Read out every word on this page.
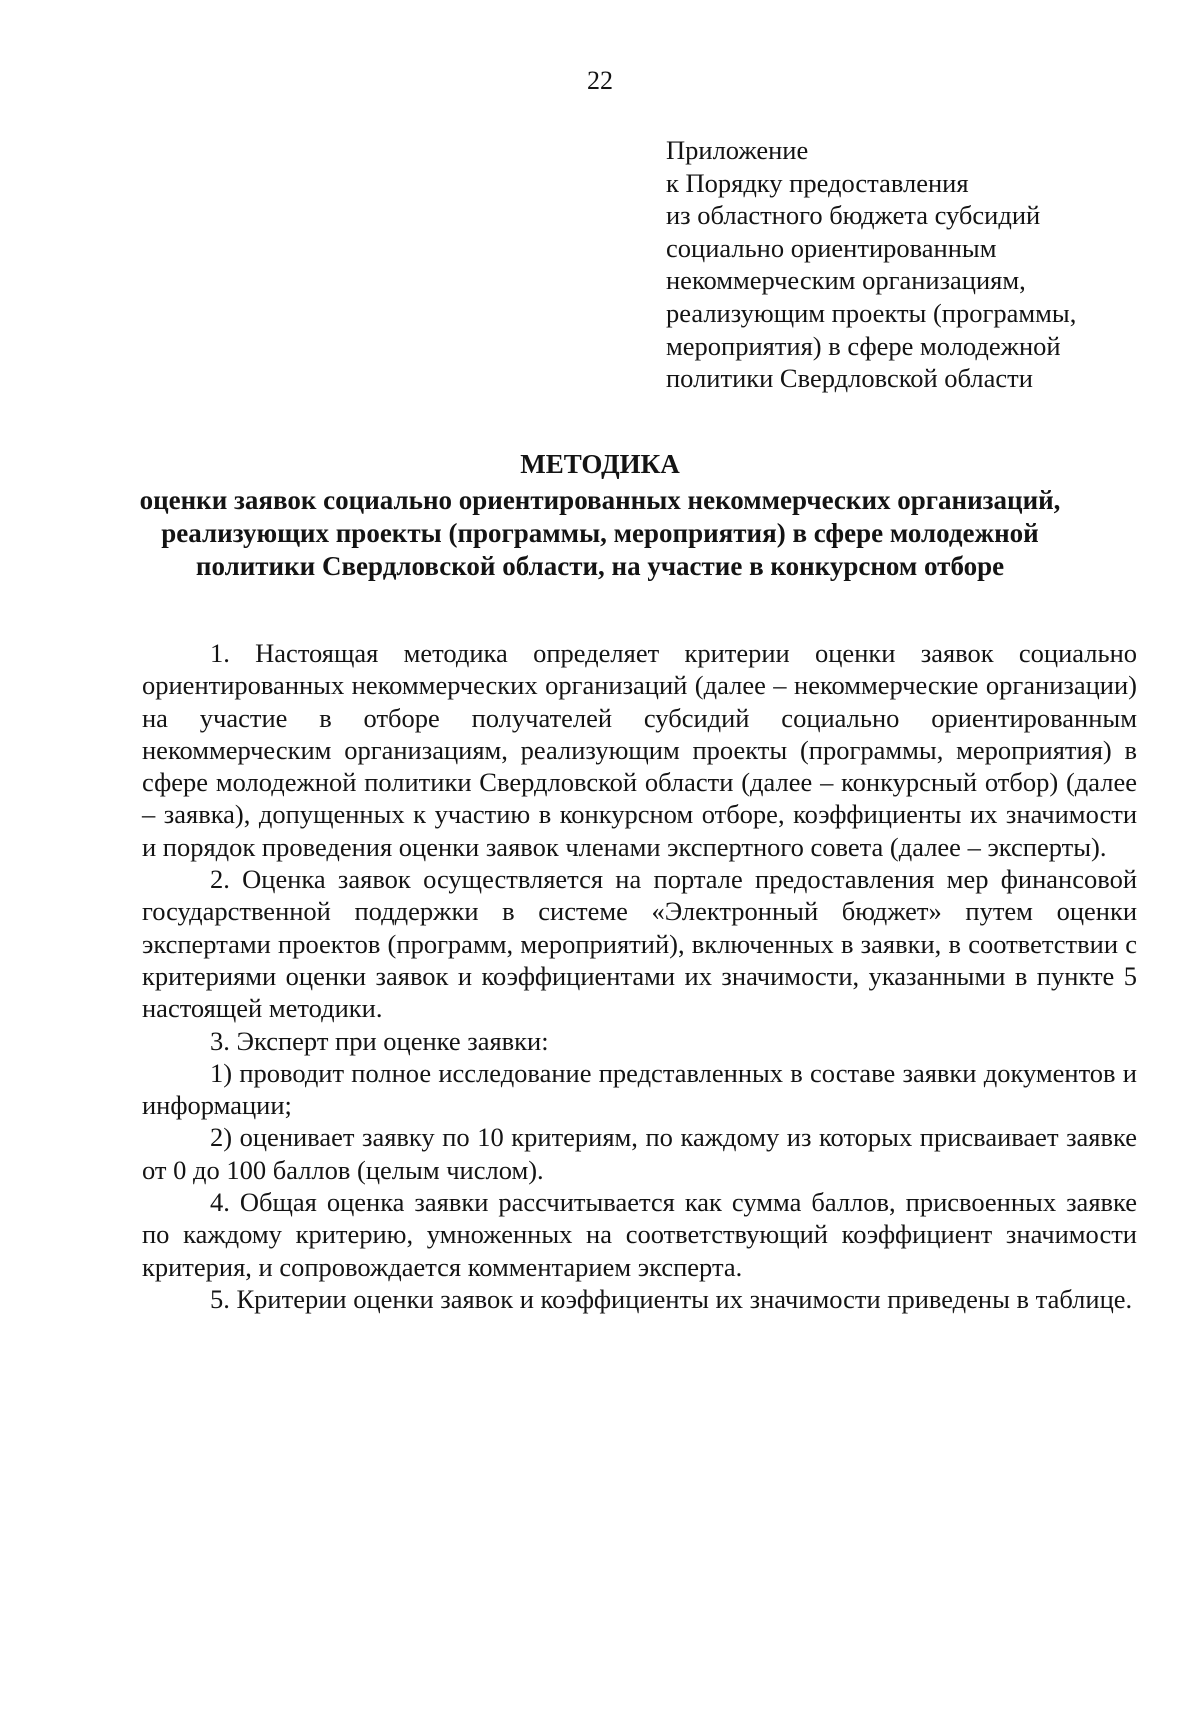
22
Приложение
к Порядку предоставления
из областного бюджета субсидий
социально ориентированным
некоммерческим организациям,
реализующим проекты (программы,
мероприятия) в сфере молодежной
политики Свердловской области
МЕТОДИКА
оценки заявок социально ориентированных некоммерческих организаций,
реализующих проекты (программы, мероприятия) в сфере молодежной
политики Свердловской области, на участие в конкурсном отборе

1. Настоящая методика определяет критерии оценки заявок социально ориентированных некоммерческих организаций (далее – некоммерческие организации) на участие в отборе получателей субсидий социально ориентированным некоммерческим организациям, реализующим проекты (программы, мероприятия) в сфере молодежной политики Свердловской области (далее – конкурсный отбор) (далее – заявка), допущенных к участию в конкурсном отборе, коэффициенты их значимости и порядок проведения оценки заявок членами экспертного совета (далее – эксперты).

2. Оценка заявок осуществляется на портале предоставления мер финансовой государственной поддержки в системе «Электронный бюджет» путем оценки экспертами проектов (программ, мероприятий), включенных в заявки, в соответствии с критериями оценки заявок и коэффициентами их значимости, указанными в пункте 5 настоящей методики.

3. Эксперт при оценке заявки:

1) проводит полное исследование представленных в составе заявки документов и информации;

2) оценивает заявку по 10 критериям, по каждому из которых присваивает заявке от 0 до 100 баллов (целым числом).

4. Общая оценка заявки рассчитывается как сумма баллов, присвоенных заявке по каждому критерию, умноженных на соответствующий коэффициент значимости критерия, и сопровождается комментарием эксперта.

5. Критерии оценки заявок и коэффициенты их значимости приведены в таблице.
